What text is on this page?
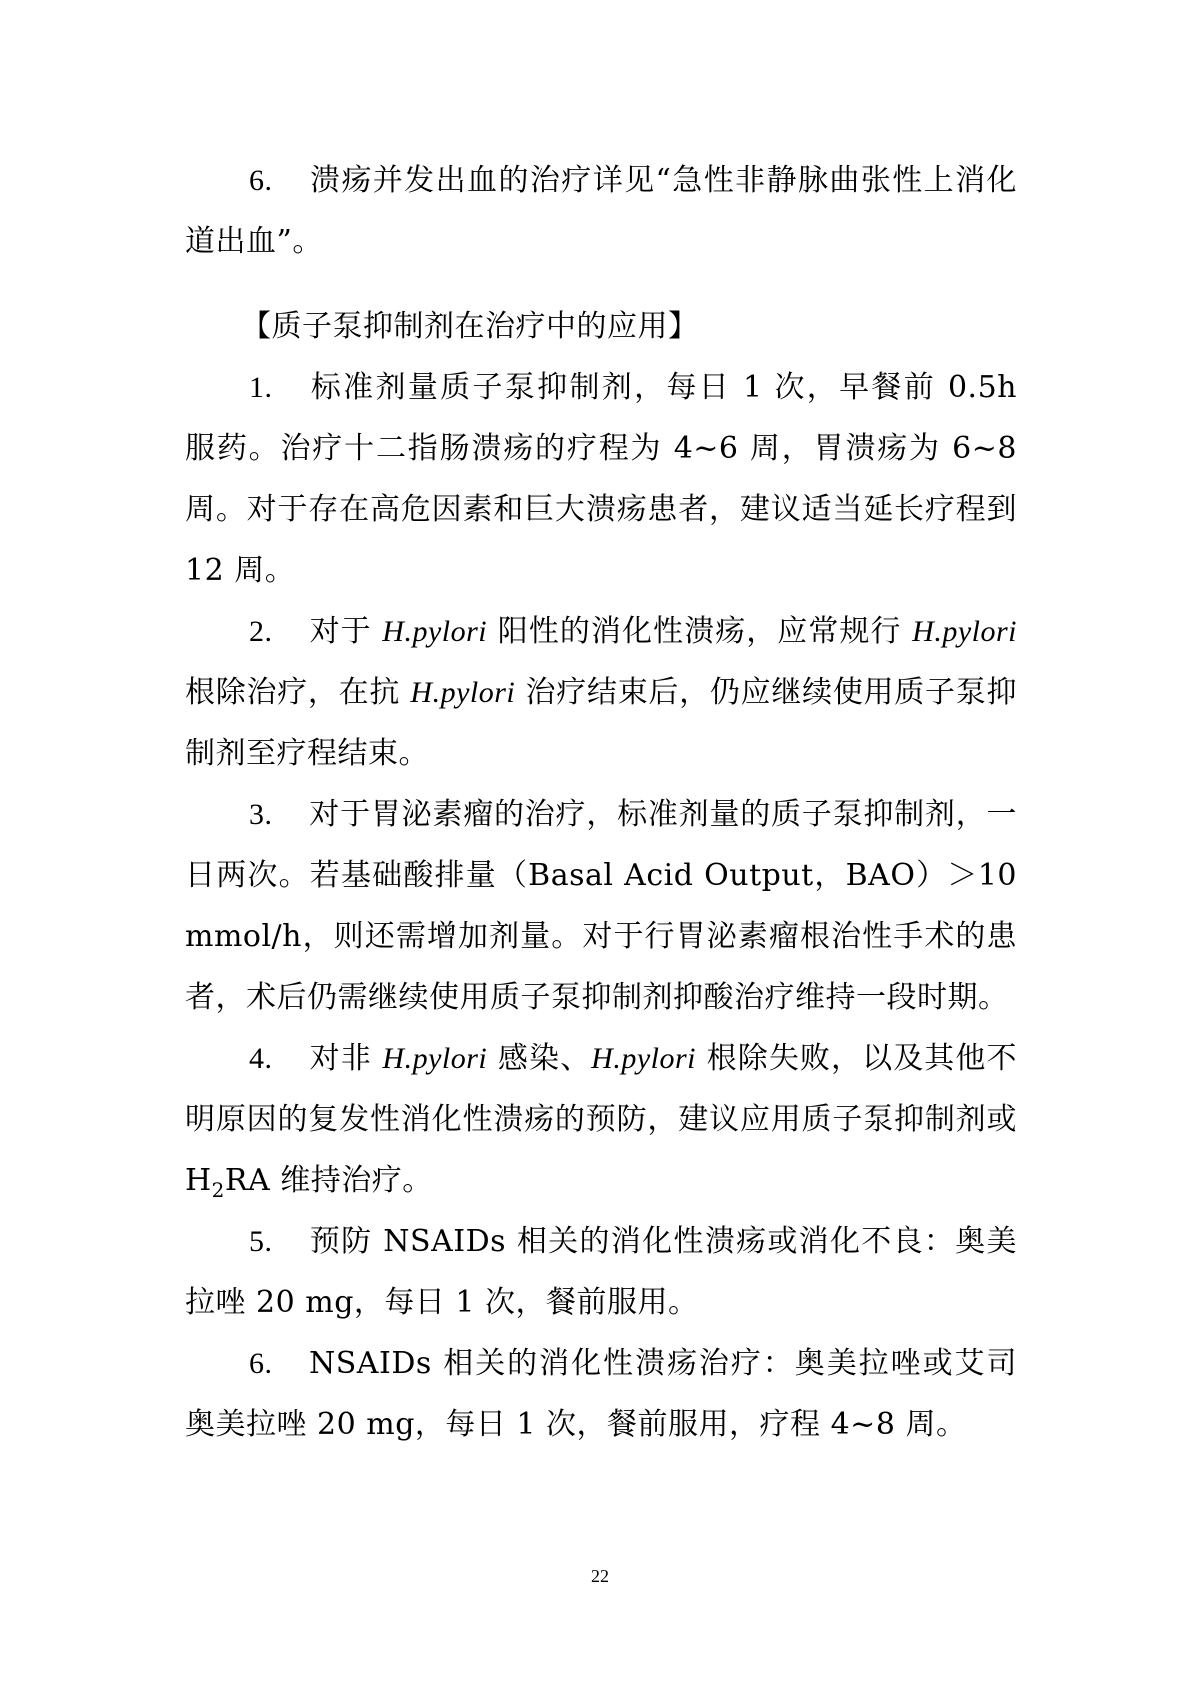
6. 溃疡并发出血的治疗详见“急性非静脉曲张性上消化道出血”。

【质子泵抑制剂在治疗中的应用】

1. 标准剂量质子泵抑制剂，每日 1 次，早餐前 0.5h 服药。治疗十二指肠溃疡的疗程为 4~6 周，胃溃疡为 6~8 周。对于存在高危因素和巨大溃疡患者，建议适当延长疗程到 12 周。

2. 对于 H.pylori 阳性的消化性溃疡，应常规行 H.pylori 根除治疗，在抗 H.pylori 治疗结束后，仍应继续使用质子泵抑制剂至疗程结束。

3. 对于胃泌素瘤的治疗，标准剂量的质子泵抑制剂，一日两次。若基础酸排量（Basal Acid Output，BAO）＞10 mmol/h，则还需增加剂量。对于行胃泌素瘤根治性手术的患者，术后仍需继续使用质子泵抑制剂抑酸治疗维持一段时期。

4. 对非 H.pylori 感染、H.pylori 根除失败，以及其他不明原因的复发性消化性溃疡的预防，建议应用质子泵抑制剂或 $H_2RA$ 维持治疗。

5. 预防 NSAIDs 相关的消化性溃疡或消化不良：奥美拉唑 20 mg，每日 1 次，餐前服用。

6. NSAIDs 相关的消化性溃疡治疗：奥美拉唑或艾司奥美拉唑 20 mg，每日 1 次，餐前服用，疗程 4~8 周。

22
